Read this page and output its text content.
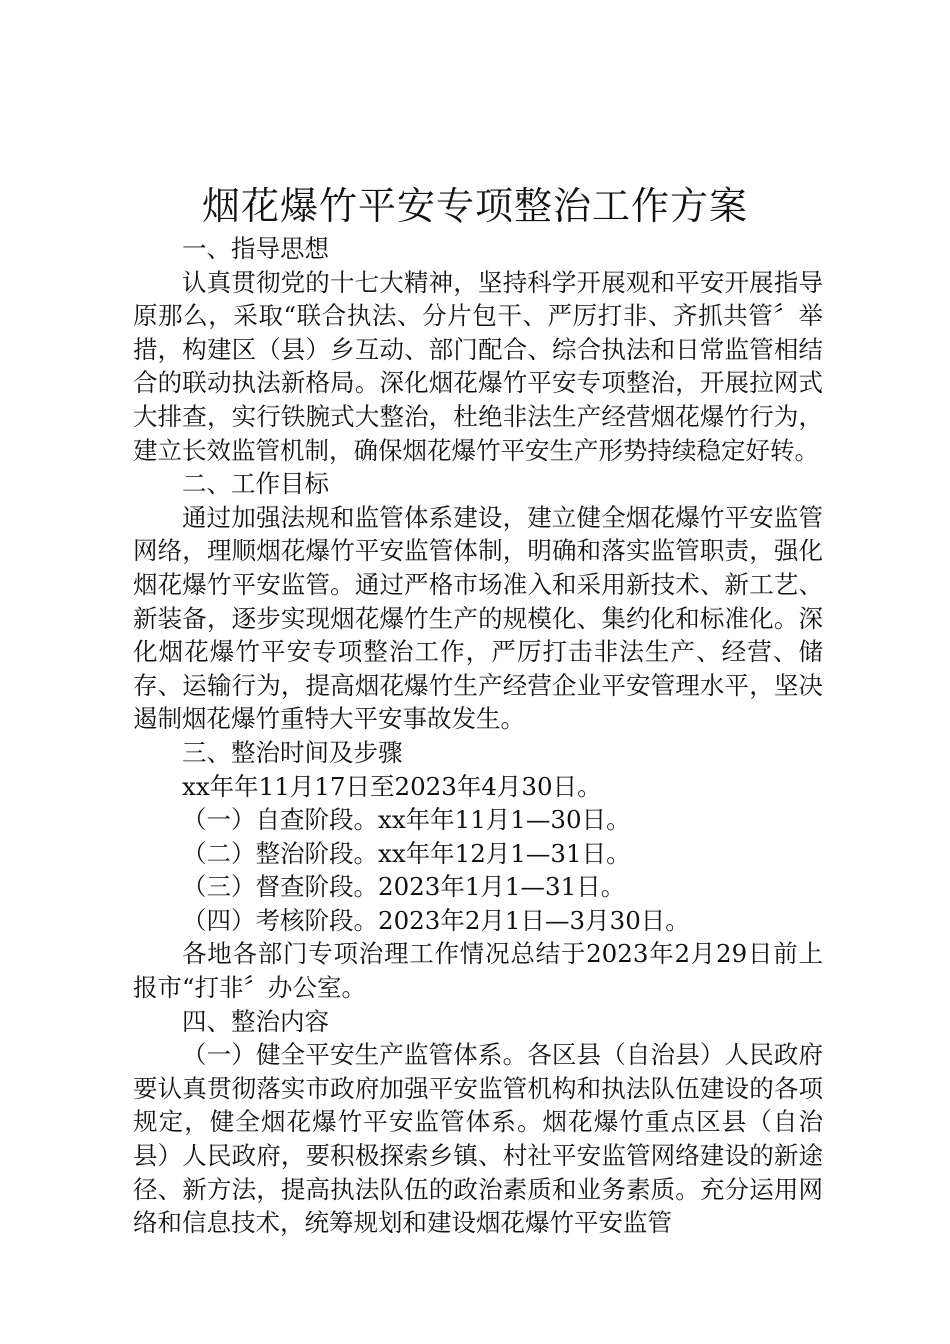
烟花爆竹平安专项整治工作方案

一、指导思想

认真贯彻党的十七大精神，坚持科学开展观和平安开展指导原那么，采取“联合执法、分片包干、严厉打非、齐抓共管〞举措，构建区（县）乡互动、部门配合、综合执法和日常监管相结合的联动执法新格局。深化烟花爆竹平安专项整治，开展拉网式大排查，实行铁腕式大整治，杜绝非法生产经营烟花爆竹行为，建立长效监管机制，确保烟花爆竹平安生产形势持续稳定好转。

二、工作目标

通过加强法规和监管体系建设，建立健全烟花爆竹平安监管网络，理顺烟花爆竹平安监管体制，明确和落实监管职责，强化烟花爆竹平安监管。通过严格市场准入和采用新技术、新工艺、新装备，逐步实现烟花爆竹生产的规模化、集约化和标准化。深化烟花爆竹平安专项整治工作，严厉打击非法生产、经营、储存、运输行为，提高烟花爆竹生产经营企业平安管理水平，坚决遏制烟花爆竹重特大平安事故发生。

三、整治时间及步骤

xx年年11月17日至2023年4月30日。

（一）自查阶段。xx年年11月1—30日。

（二）整治阶段。xx年年12月1—31日。

（三）督查阶段。2023年1月1—31日。

（四）考核阶段。2023年2月1日—3月30日。

各地各部门专项治理工作情况总结于2023年2月29日前上报市“打非〞办公室。

四、整治内容

（一）健全平安生产监管体系。各区县（自治县）人民政府要认真贯彻落实市政府加强平安监管机构和执法队伍建设的各项规定，健全烟花爆竹平安监管体系。烟花爆竹重点区县（自治县）人民政府，要积极探索乡镇、村社平安监管网络建设的新途径、新方法，提高执法队伍的政治素质和业务素质。充分运用网络和信息技术，统筹规划和建设烟花爆竹平安监管
